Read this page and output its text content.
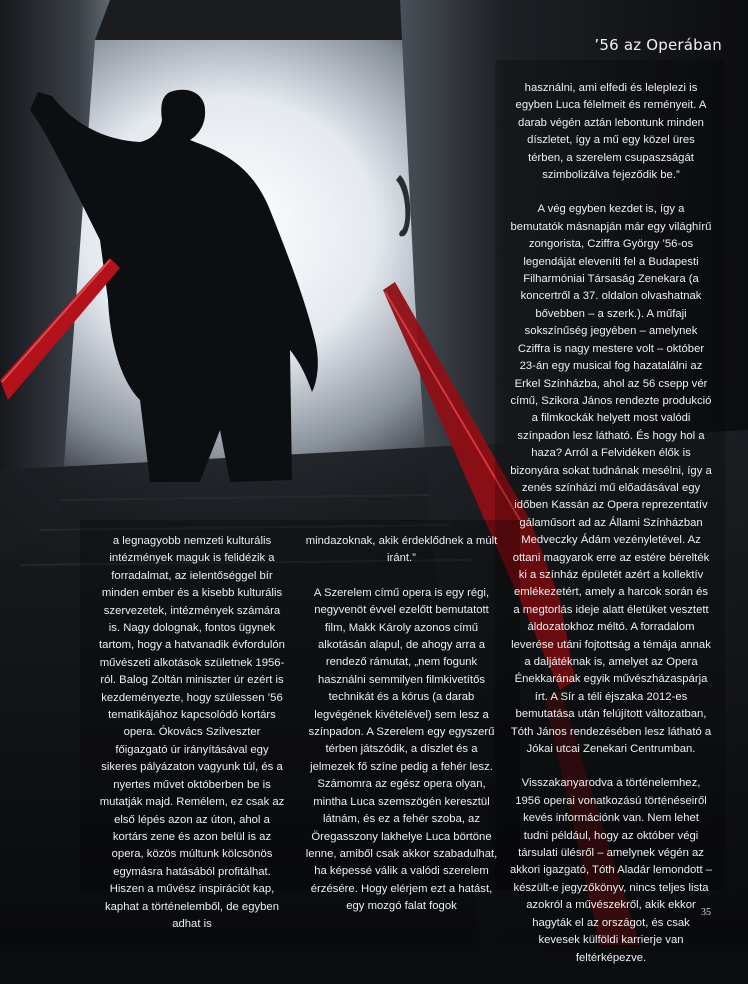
’56 az Operában

a legnagyobb nemzeti kulturális intézmények maguk is felidézik a forradalmat, az ielentőséggel bír minden ember és a kisebb kulturális szervezetek, intézmények számára is. Nagy dolognak, fontos ügynek tartom, hogy a hatvanadik évfordulón művészeti alkotások születnek 1956-ról. Balog Zoltán miniszter úr ezért is kezdeményezte, hogy szülessen ’56 tematikájához kapcsolódó kortárs opera. Ókovács Szilveszter főigazgató úr irányításával egy sikeres pályázaton vagyunk túl, és a nyertes művet októberben be is mutatják majd. Remélem, ez csak az első lépés azon az úton, ahol a kortárs zene és azon belül is az opera, közös múltunk kölcsönös egymásra hatásából profitálhat. Hiszen a művész inspirációt kap, kaphat a történelemből, de egyben adhat is

mindazoknak, akik érdeklődnek a múlt iránt.”

A Szerelem című opera is egy régi, negyvenöt évvel ezelőtt bemutatott film, Makk Károly azonos című alkotásán alapul, de ahogy arra a rendező rámutat, „nem fogunk használni semmilyen filmkivetítős technikát és a kórus (a darab legvégének kivételével) sem lesz a színpadon. A Szerelem egy egyszerű térben játszódik, a díszlet és a jelmezek fő színe pedig a fehér lesz. Számomra az egész opera olyan, mintha Luca szemszögén keresztül látnám, és ez a fehér szoba, az Öregasszony lakhelye Luca börtöne lenne, amiből csak akkor szabadulhat, ha képessé válik a valódi szerelem érzésére. Hogy elérjem ezt a hatást, egy mozgó falat fogok

használni, ami elfedi és leleplezi is egyben Luca félelmeit és reményeit. A darab végén aztán lebontunk minden díszletet, így a mű egy közel üres térben, a szerelem csupaszságát szimbolizálva fejeződik be.”

A vég egyben kezdet is, így a bemutatók másnapján már egy világhírű zongorista, Cziffra György ’56-os legendáját eleveníti fel a Budapesti Filharmóniai Társaság Zenekara (a koncertről a 37. oldalon olvashatnak bővebben – a szerk.). A műfaji sokszínűség jegyében – amelynek Cziffra is nagy mestere volt – október 23-án egy musical fog hazatalálni az Erkel Színházba, ahol az 56 csepp vér című, Szikora János rendezte produkció a filmkockák helyett most valódi színpadon lesz látható. És hogy hol a haza? Arról a Felvidéken élők is bizonyára sokat tudnának mesélni, így a zenés színházi mű előadásával egy időben Kassán az Opera reprezentatív gálaműsort ad az Állami Színházban Medveczky Ádám vezényletével. Az ottani magyarok erre az estére bérelték ki a színház épületét azért a kollektív emlékezetért, amely a harcok során és a megtorlás ideje alatt életüket vesztett áldozatokhoz méltó. A forradalom leverése utáni fojtottság a témája annak a daljátéknak is, amelyet az Opera Énekkarának egyik művészházaspárja írt. A Sír a téli éjszaka 2012-es bemutatása után felújított változatban, Tóth János rendezésében lesz látható a Jókai utcai Zenekari Centrumban.

Visszakanyarodva a történelemhez, 1956 operai vonatkozású történéseiről kevés információnk van. Nem lehet tudni például, hogy az október végi társulati ülésről – amelynek végén az akkori igazgató, Tóth Aladár lemondott – készült-e jegyzőkönyv, nincs teljes lista azokról a művészekről, akik ekkor hagyták el az országot, és csak kevesek külföldi karrierje van feltérképezve.

35
